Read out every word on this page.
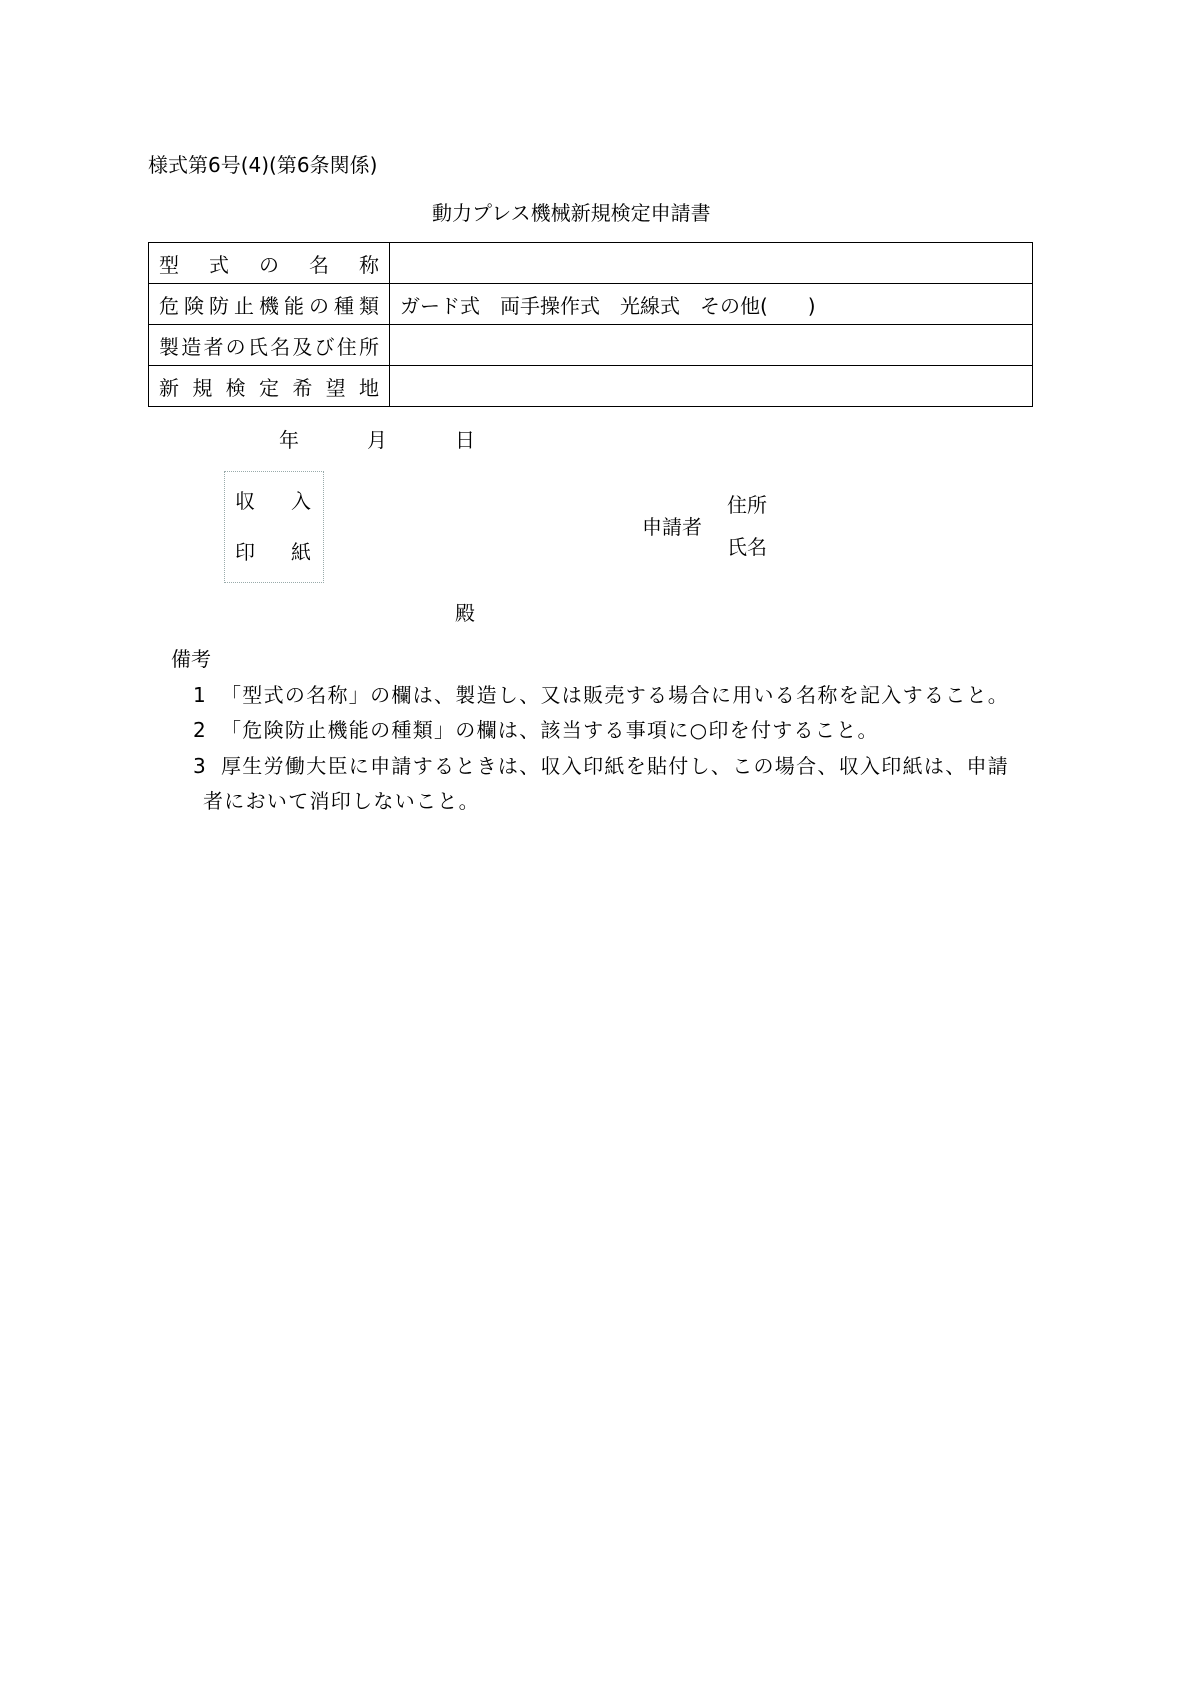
様式第6号(4)(第6条関係)
動力プレス機械新規検定申請書
型式の名称	
危険防止機能の種類	ガード式　両手操作式　光線式　その他(　　)
製造者の氏名及び住所	
新規検定希望地	
年	月	日
収 入
印 紙
申請者
住所
氏名
殿
備考
1 「型式の名称」の欄は、製造し、又は販売する場合に用いる名称を記入すること。
2 「危険防止機能の種類」の欄は、該当する事項に○印を付すること。
3 厚生労働大臣に申請するときは、収入印紙を貼付し、この場合、収入印紙は、申請
者において消印しないこと。
